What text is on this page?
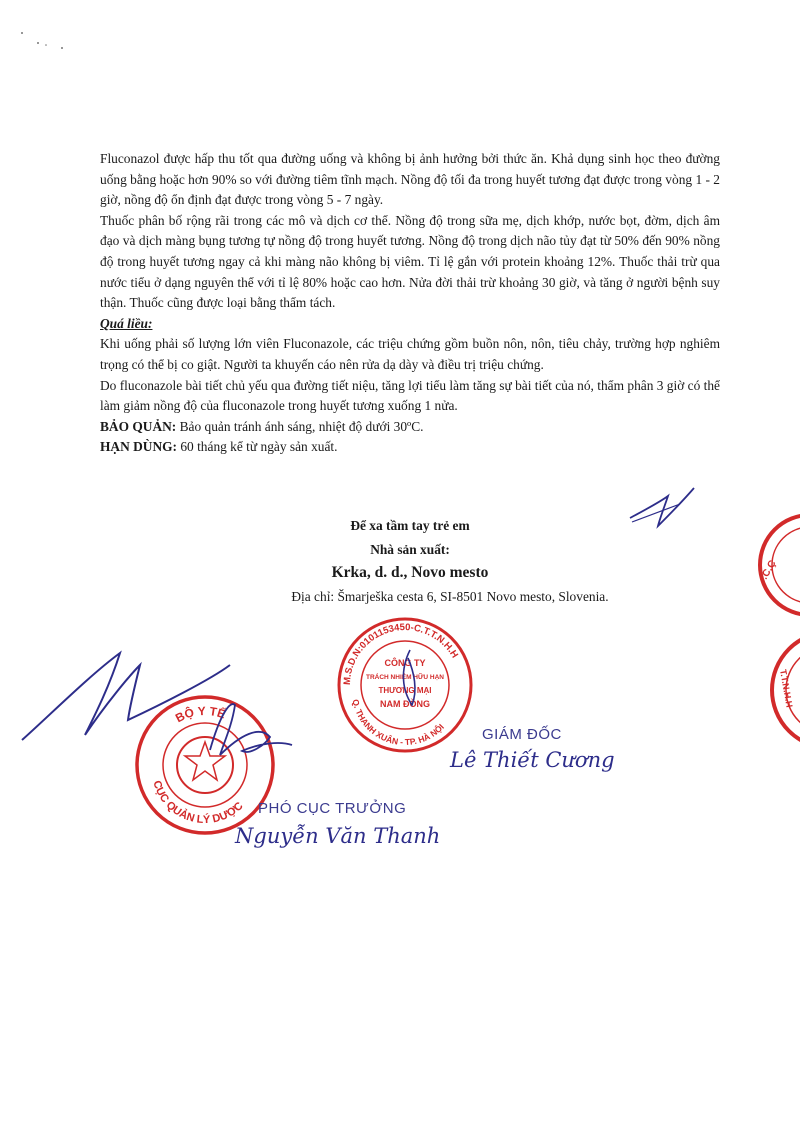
Fluconazol được hấp thu tốt qua đường uống và không bị ảnh hưởng bởi thức ăn. Khả dụng sinh học theo đường uống bằng hoặc hơn 90% so với đường tiêm tĩnh mạch. Nồng độ tối đa trong huyết tương đạt được trong vòng 1 - 2 giờ, nồng độ ổn định đạt được trong vòng 5 - 7 ngày.

Thuốc phân bố rộng rãi trong các mô và dịch cơ thể. Nồng độ trong sữa mẹ, dịch khớp, nước bọt, đờm, dịch âm đạo và dịch màng bụng tương tự nồng độ trong huyết tương. Nồng độ trong dịch não tủy đạt từ 50% đến 90% nồng độ trong huyết tương ngay cả khi màng não không bị viêm. Tỉ lệ gắn với protein khoảng 12%. Thuốc thải trừ qua nước tiểu ở dạng nguyên thể với tỉ lệ 80% hoặc cao hơn. Nửa đời thải trừ khoảng 30 giờ, và tăng ở người bệnh suy thận. Thuốc cũng được loại bằng thẩm tách.

Quá liều:

Khi uống phải số lượng lớn viên Fluconazole, các triệu chứng gồm buồn nôn, nôn, tiêu chảy, trường hợp nghiêm trọng có thể bị co giật. Người ta khuyến cáo nên rửa dạ dày và điều trị triệu chứng.

Do fluconazole bài tiết chủ yếu qua đường tiết niệu, tăng lợi tiểu làm tăng sự bài tiết của nó, thẩm phân 3 giờ có thể làm giảm nồng độ của fluconazole trong huyết tương xuống 1 nửa.

BẢO QUẢN: Bảo quản tránh ánh sáng, nhiệt độ dưới 30ºC.

HẠN DÙNG: 60 tháng kể từ ngày sản xuất.

Để xa tầm tay trẻ em
Nhà sản xuất:
Krka, d. d., Novo mesto
Địa chỉ: Šmarješka cesta 6, SI-8501 Novo mesto, Slovenia.
.C.Ç
T.T.N.H.H
M.S.D.N:0101153450-C.T.T.N.H.H
Q. THANH XUÂN - TP. HÀ NỘI
CÔNG TY
TRÁCH NHIỆM HỮU HẠN
THƯƠNG MẠI
NAM ĐỒNG
GIÁM ĐỐC
Lê Thiết Cương
BỘ Y TẾ
CỤC QUẢN LÝ DƯỢC PHÓ CỤC TRƯỞNG
Nguyễn Văn Thanh
